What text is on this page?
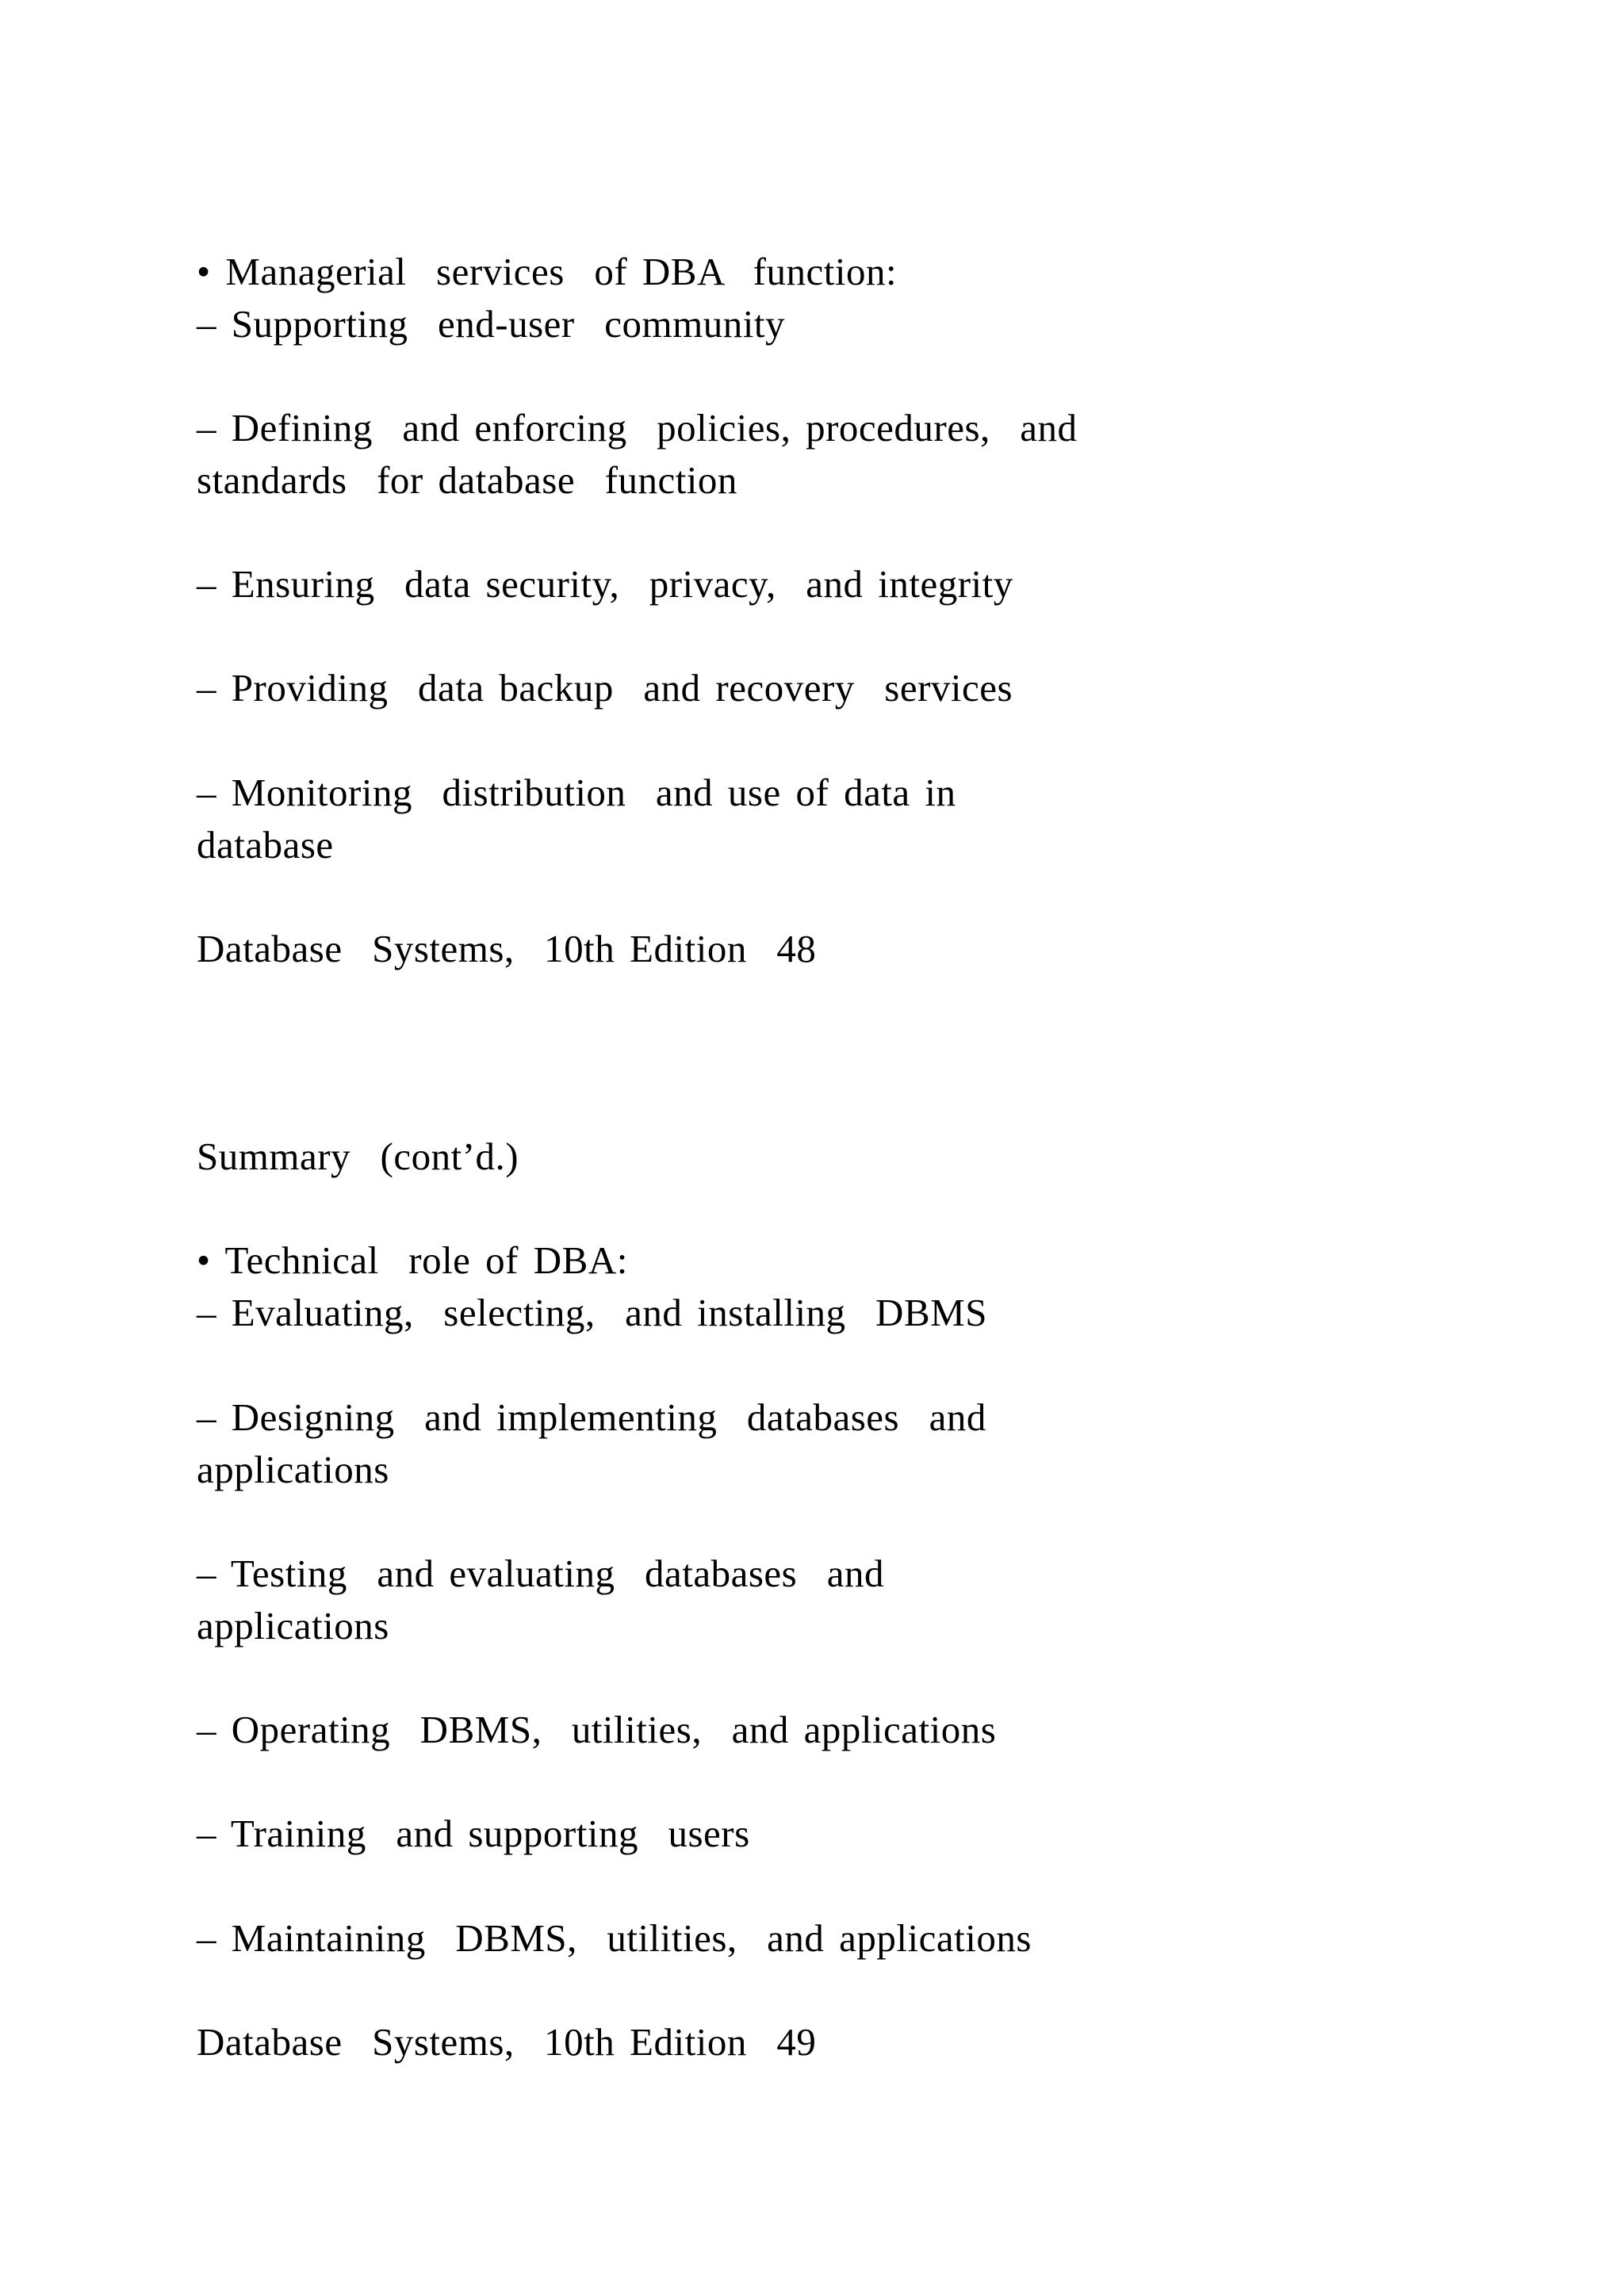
• Managerial  services  of DBA  function:

– Supporting  end-user  community

– Defining  and enforcing  policies, procedures,  and

standards  for database  function

– Ensuring  data security,  privacy,  and integrity

– Providing  data backup  and recovery  services

– Monitoring  distribution  and use of data in

database

Database  Systems,  10th Edition  48

Summary  (cont’d.)

• Technical  role of DBA:

– Evaluating,  selecting,  and installing  DBMS

– Designing  and implementing  databases  and

applications

– Testing  and evaluating  databases  and

applications

– Operating  DBMS,  utilities,  and applications

– Training  and supporting  users

– Maintaining  DBMS,  utilities,  and applications

Database  Systems,  10th Edition  49
